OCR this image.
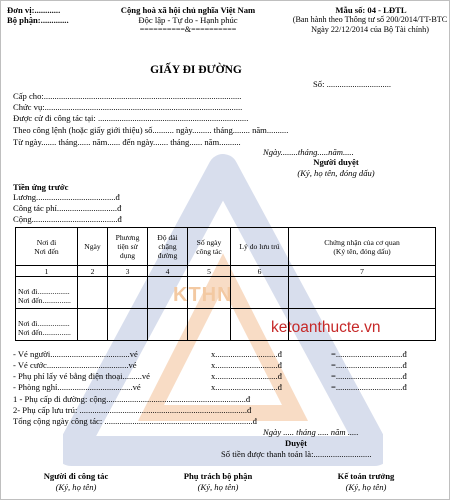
KTHN
ketoanthucte.vn
Đơn vị:............
Bộ phận:.............
Cộng hoà xã hội chủ nghĩa Việt Nam
Độc lập - Tự do - Hạnh phúc
==========&==========
Mẫu số: 04 - LĐTL
(Ban hành theo Thông tư số 200/2014/TT-BTC
Ngày 22/12/2014 của Bộ Tài chính)
GIẤY ĐI ĐƯỜNG
Số: ..............................
Cấp cho:............................................................................................
Chức vụ:............................................................................................
Được cử đi công tác tại: ......................................................................
Theo công lệnh (hoặc giấy giới thiệu) số.......... ngày......... tháng........ năm..........
Từ ngày....... tháng...... năm...... đến ngày....... tháng...... năm..........
Ngày........tháng.....năm.....
Người duyệt
(Ký, họ tên, đóng dấu)
Tiền ứng trước
Lương.....................................đ
Công tác phí............................đ
Cộng........................................đ
Nơi đi
Nơi đến	Ngày	Phương tiện sử dụng	Độ dài chặng đường	Số ngày công tác	Lý do lưu trú	Chứng nhận của cơ quan
(Ký tên, đóng dấu)
1	2	3	4	5	6	7

Nơi đi.................
Nơi đến...............						

Nơi đi.................
Nơi đến...............						

- Vé người.....................................vé	x.............................đ	=...............................đ
- Vé cước......................................vé	x.............................đ	=...............................đ
- Phụ phí lấy vé bằng điện thoại.........vé	x.............................đ	=...............................đ
- Phòng nghỉ...................................vé	x.............................đ	=...............................đ
1 - Phụ cấp đi đường: cộng.................................................................đ
2- Phụ cấp lưu trú: ..............................................................................đ
Tổng cộng ngày công tác: .....................................................................đ
Ngày ..... tháng ..... năm .....
Duyệt
Số tiền được thanh toán là:...........................
Người đi công tác
(Ký, họ tên)
Phụ trách bộ phận
(Ký, họ tên)
Kế toán trưởng
(Ký, họ tên)
